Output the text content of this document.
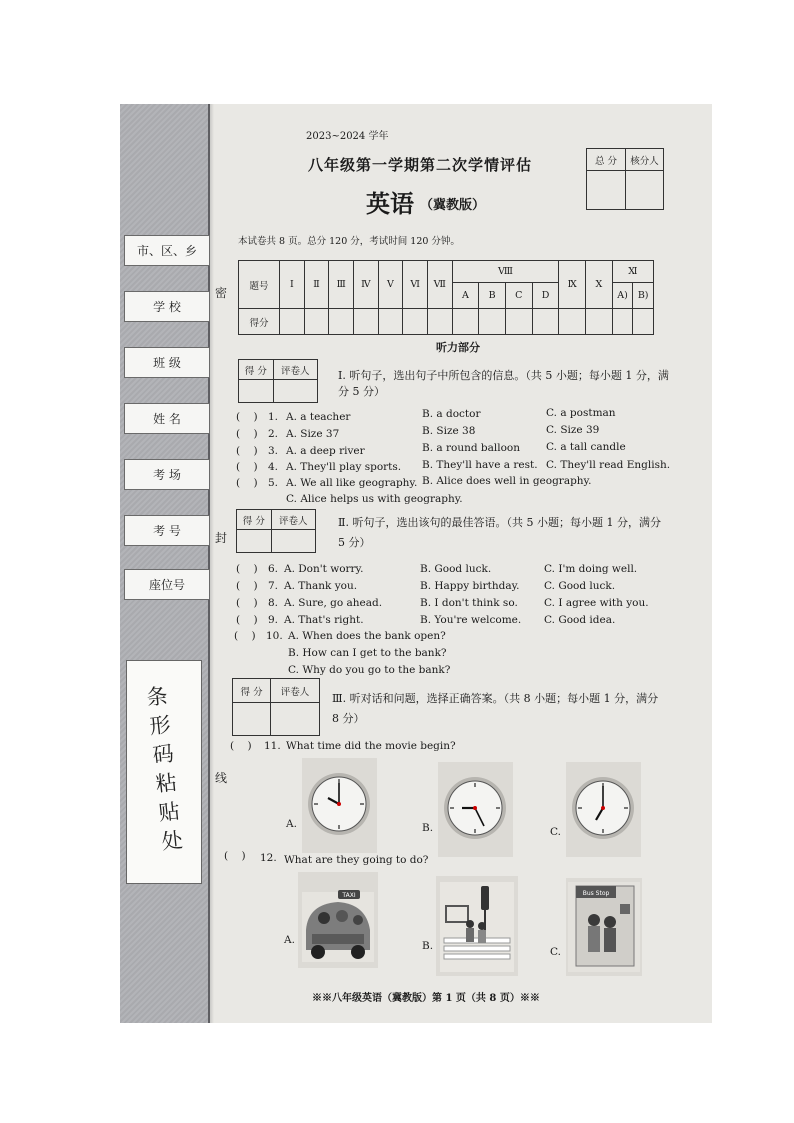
市、区、乡
学 校
班 级
姓 名
考 场
考 号
座位号
条形码粘贴处
密
封
线
2023~2024 学年
八年级第一学期第二次学情评估
英语 （冀教版）
总 分	核分人

本试卷共 8 页。总分 120 分，考试时间 120 分钟。
题号	Ⅰ	Ⅱ	Ⅲ	Ⅳ	Ⅴ	Ⅵ	Ⅶ	Ⅷ				Ⅸ	Ⅹ	Ⅺ	
								A	B	C	D			A)	B)
得分															
听力部分
得 分	评卷人
		Ⅰ. 听句子，选出句子中所包含的信息。（共 5 小题；每小题 1 分，满
分 5 分）
(    ) 1. A. a teacher	B. a doctor	C. a postman
(    ) 2. A. Size 37	B. Size 38	C. Size 39
(    ) 3. A. a deep river	B. a round balloon C. a tall candle
(    ) 4. A. They'll play sports. B. They'll have a rest. C. They'll read English.
(    ) 5. A. We all like geography. B. Alice does well in geography.
C. Alice helps us with geography.
得 分	评卷人
		Ⅱ. 听句子，选出该句的最佳答语。（共 5 小题；每小题 1 分，满分
5 分）
(    ) 6. A. Don't worry.	B. Good luck.	C. I'm doing well.
(    ) 7. A. Thank you.	B. Happy birthday. C. Good luck.
(    ) 8. A. Sure, go ahead.	B. I don't think so. C. I agree with you.
(    ) 9. A. That's right.	B. You're welcome. C. Good idea.
(    ) 10. A. When does the bank open?
B. How can I get to the bank?
C. Why do you go to the bank?
得 分	评卷人
	Ⅲ. 听对话和问题，选择正确答案。（共 8 小题；每小题 1 分，满分
8 分）
(    ) 11. What time did the movie begin?
A.	B.	C.
(    ) 12. What are they going to do?
A.
TAXI
B.	C.
Bus Stop
※※八年级英语（冀教版）第 1 页（共 8 页）※※
